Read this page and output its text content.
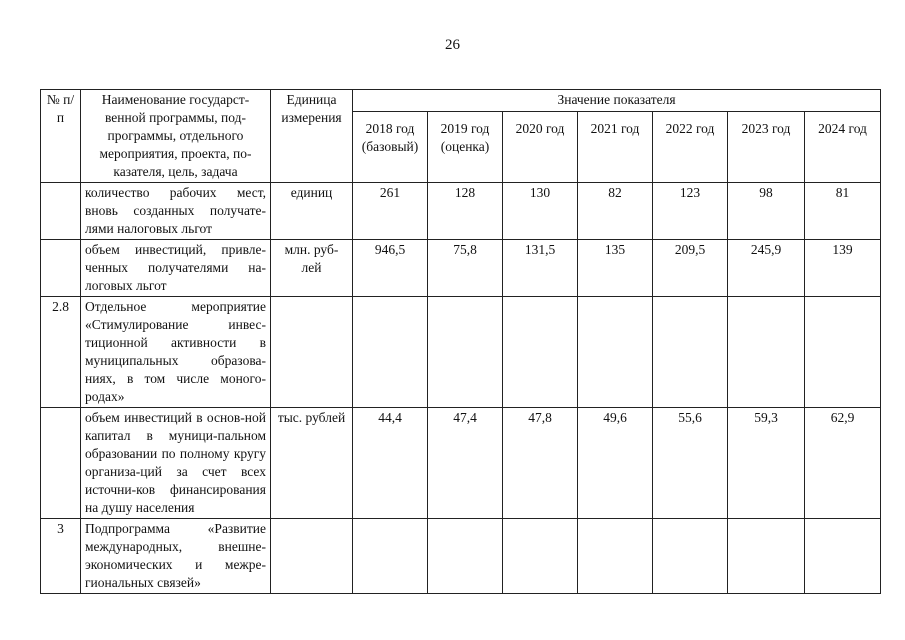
26
№ п/п	Наименование государст-венной программы, под-программы, отдельного мероприятия, проекта, по-казателя, цель, задача	Единица измерения	Значение показателя						
			2018 год (базовый)	2019 год (оценка)	2020 год	2021 год	2022 год	2023 год	2024 год
	количество рабочих мест, вновь созданных получате-лями налоговых льгот	единиц	261	128	130	82	123	98	81
	объем инвестиций, привле-ченных получателями на-логовых льгот	млн. руб-лей	946,5	75,8	131,5	135	209,5	245,9	139
2.8	Отдельное мероприятие «Стимулирование инвес-тиционной активности в муниципальных образова-ниях, в том числе моного-родах»								
	объем инвестиций в основ-ной капитал в муници-пальном образовании по полному кругу организа-ций за счет всех источни-ков финансирования на душу населения	тыс. рублей	44,4	47,4	47,8	49,6	55,6	59,3	62,9
3	Подпрограмма «Развитие международных, внешне-экономических и межре-гиональных связей»								
